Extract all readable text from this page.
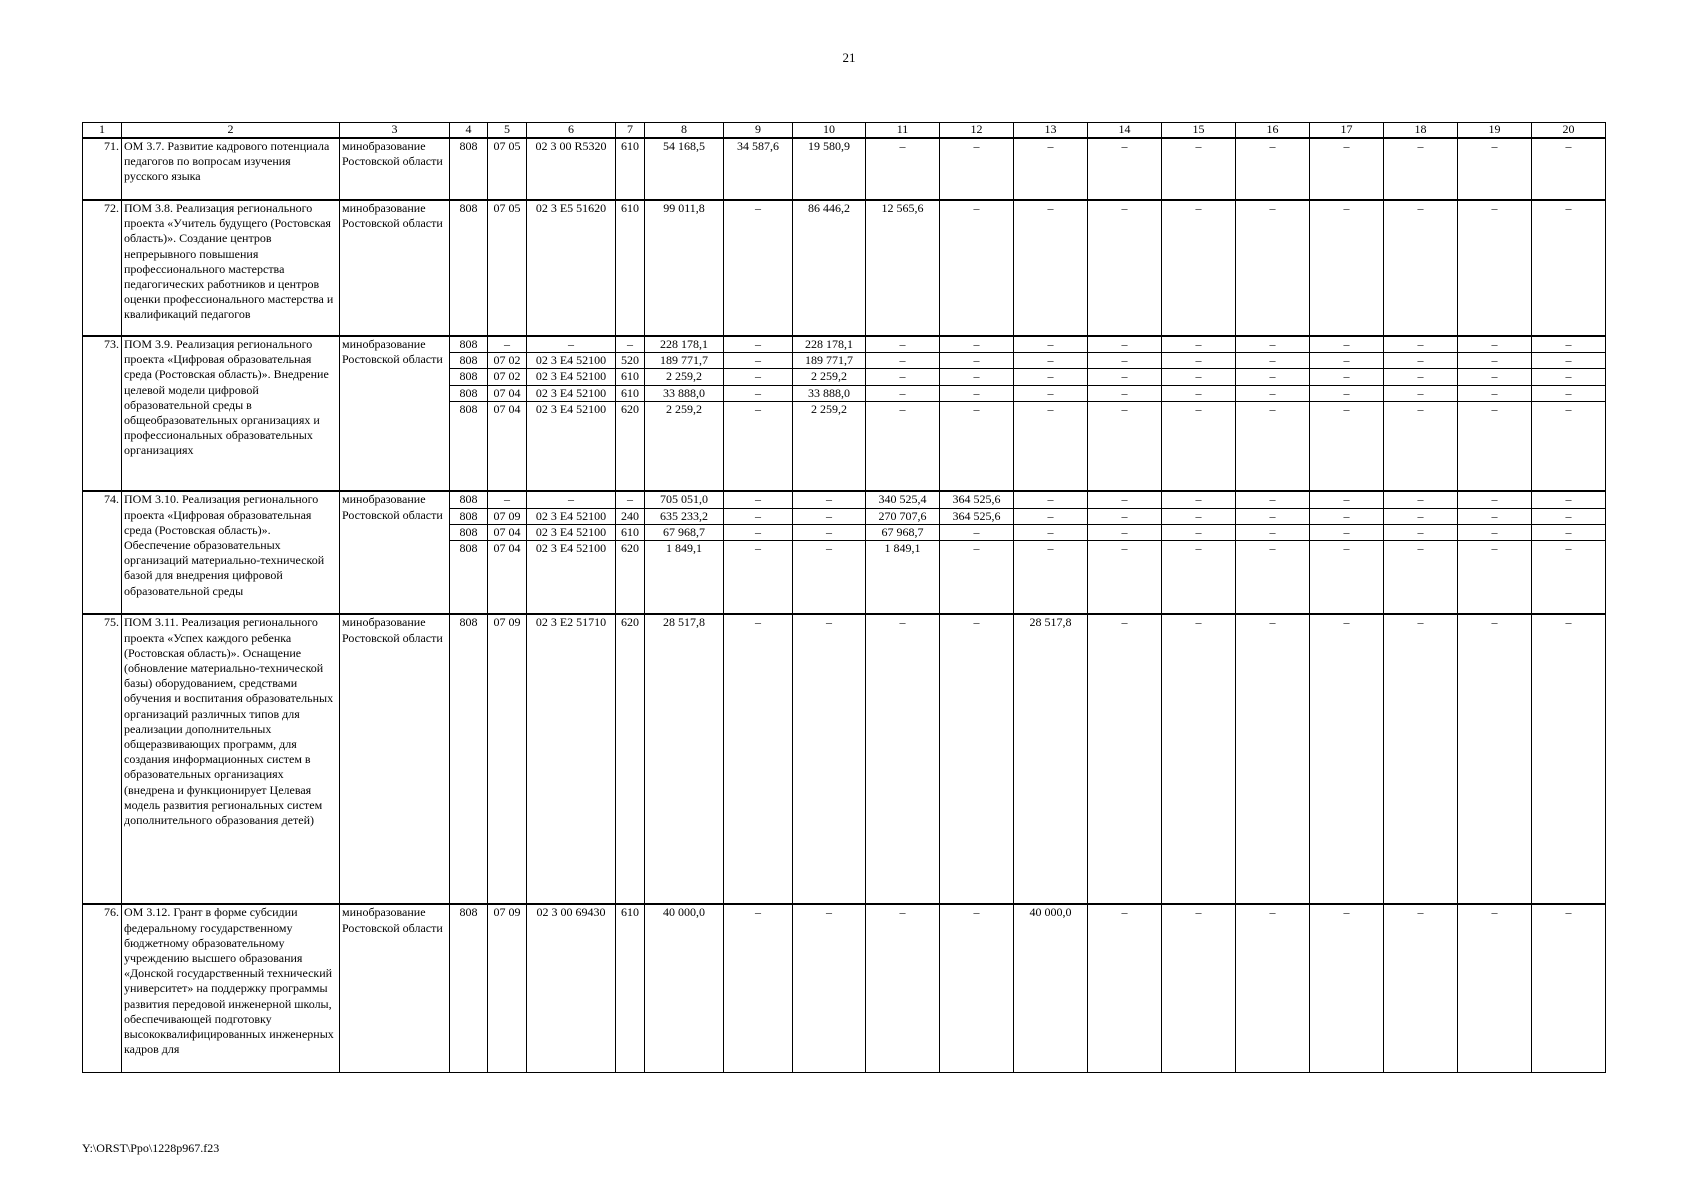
21
1	2	3	4	5	6	7	8	9	10	11	12	13	14	15	16	17	18	19	20
71.	ОМ 3.7. Развитие кадрового потенциала педагогов по вопросам изучения русского языка	минобразование Ростовской области	808	07 05	02 3 00 R5320	610	54 168,5	34 587,6	19 580,9	–	–	–	–	–	–	–	–	–	–
72.	ПОМ 3.8. Реализация регионального проекта «Учитель будущего (Ростовская область)». Создание центров непрерывного повышения профессионального мастерства педагогических работников и центров оценки профессионального мастерства и квалификаций педагогов	минобразование Ростовской области	808	07 05	02 3 E5 51620	610	99 011,8	–	86 446,2	12 565,6	–	–	–	–	–	–	–	–	–
73.	ПОМ 3.9. Реализация регионального проекта «Цифровая образовательная среда (Ростовская область)». Внедрение целевой модели цифровой образовательной среды в общеобразовательных организациях и профессиональных образовательных организациях	минобразование Ростовской области	808	–	–	–	228 178,1	–	228 178,1	–	–	–	–	–	–	–	–	–	–
			808	07 02	02 3 E4 52100	520	189 771,7	–	189 771,7	–	–	–	–	–	–	–	–	–	–
			808	07 02	02 3 E4 52100	610	2 259,2	–	2 259,2	–	–	–	–	–	–	–	–	–	–
			808	07 04	02 3 E4 52100	610	33 888,0	–	33 888,0	–	–	–	–	–	–	–	–	–	–
			808	07 04	02 3 E4 52100	620	2 259,2	–	2 259,2	–	–	–	–	–	–	–	–	–	–
74.	ПОМ 3.10. Реализация регионального проекта «Цифровая образовательная среда (Ростовская область)». Обеспечение образовательных организаций материально-технической базой для внедрения цифровой образовательной среды	минобразование Ростовской области	808	–	–	–	705 051,0	–	–	340 525,4	364 525,6	–	–	–	–	–	–	–	–
			808	07 09	02 3 E4 52100	240	635 233,2	–	–	270 707,6	364 525,6	–	–	–	–	–	–	–	–
			808	07 04	02 3 E4 52100	610	67 968,7	–	–	67 968,7	–	–	–	–	–	–	–	–	–
			808	07 04	02 3 E4 52100	620	1 849,1	–	–	1 849,1	–	–	–	–	–	–	–	–	–
75.	ПОМ 3.11. Реализация регионального проекта «Успех каждого ребенка (Ростовская область)». Оснащение (обновление материально-технической базы) оборудованием, средствами обучения и воспитания образовательных организаций различных типов для реализации дополнительных общеразвивающих программ, для создания информационных систем в образовательных организациях (внедрена и функционирует Целевая модель развития региональных систем дополнительного образования детей)	минобразование Ростовской области	808	07 09	02 3 E2 51710	620	28 517,8	–	–	–	–	28 517,8	–	–	–	–	–	–	–
76.	ОМ 3.12. Грант в форме субсидии федеральному государственному бюджетному образовательному учреждению высшего образования «Донской государственный технический университет» на поддержку программы развития передовой инженерной школы, обеспечивающей подготовку высококвалифицированных инженерных кадров для	минобразование Ростовской области	808	07 09	02 3 00 69430	610	40 000,0	–	–	–	–	40 000,0	–	–	–	–	–	–	–
Y:\ORST\Ppo\1228p967.f23
